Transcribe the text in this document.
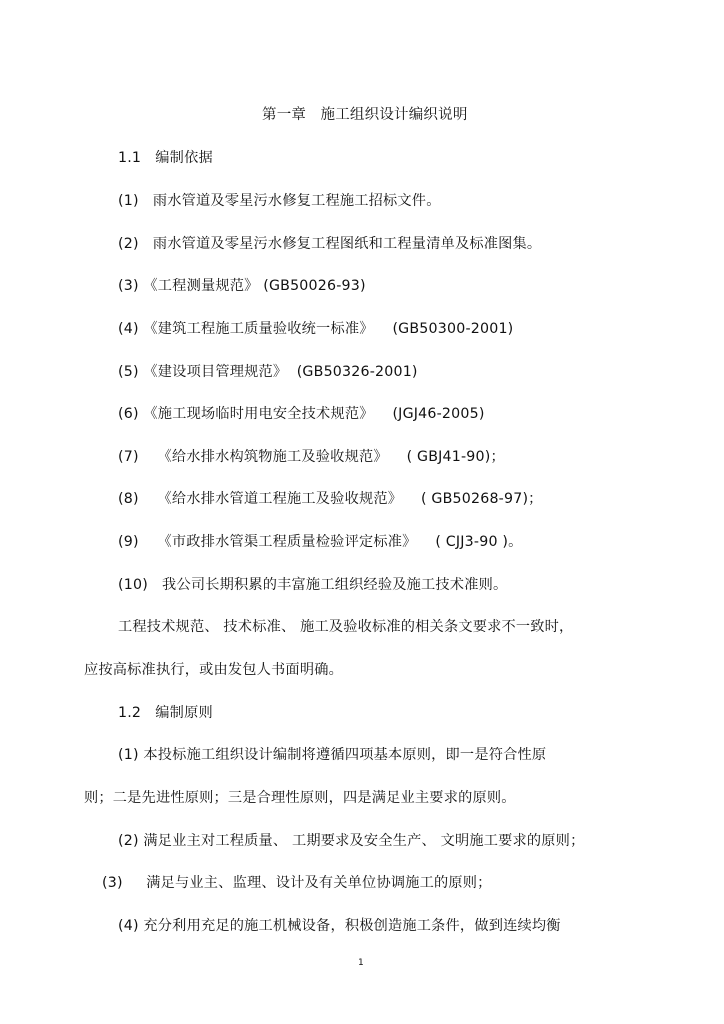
第一章   施工组织设计编织说明
1.1   编制依据
(1)   雨水管道及零星污水修复工程施工招标文件。
(2)   雨水管道及零星污水修复工程图纸和工程量清单及标准图集。
(3) 《工程测量规范》 (GB50026-93)
(4) 《建筑工程施工质量验收统一标准》    (GB50300-2001)
(5) 《建设项目管理规范》  (GB50326-2001)
(6) 《施工现场临时用电安全技术规范》    (JGJ46-2005)
(7)    《给水排水构筑物施工及验收规范》    ( GBJ41-90)；
(8)    《给水排水管道工程施工及验收规范》    ( GB50268-97)；
(9)    《市政排水管渠工程质量检验评定标准》    ( CJJ3-90 )。
(10)   我公司长期积累的丰富施工组织经验及施工技术准则。
工程技术规范、 技术标准、 施工及验收标准的相关条文要求不一致时，
应按高标准执行，或由发包人书面明确。
1.2   编制原则
(1) 本投标施工组织设计编制将遵循四项基本原则，即一是符合性原
则；二是先进性原则；三是合理性原则，四是满足业主要求的原则。
(2) 满足业主对工程质量、 工期要求及安全生产、 文明施工要求的原则；
(3)     满足与业主、监理、设计及有关单位协调施工的原则；
(4) 充分利用充足的施工机械设备，积极创造施工条件，做到连续均衡
1
